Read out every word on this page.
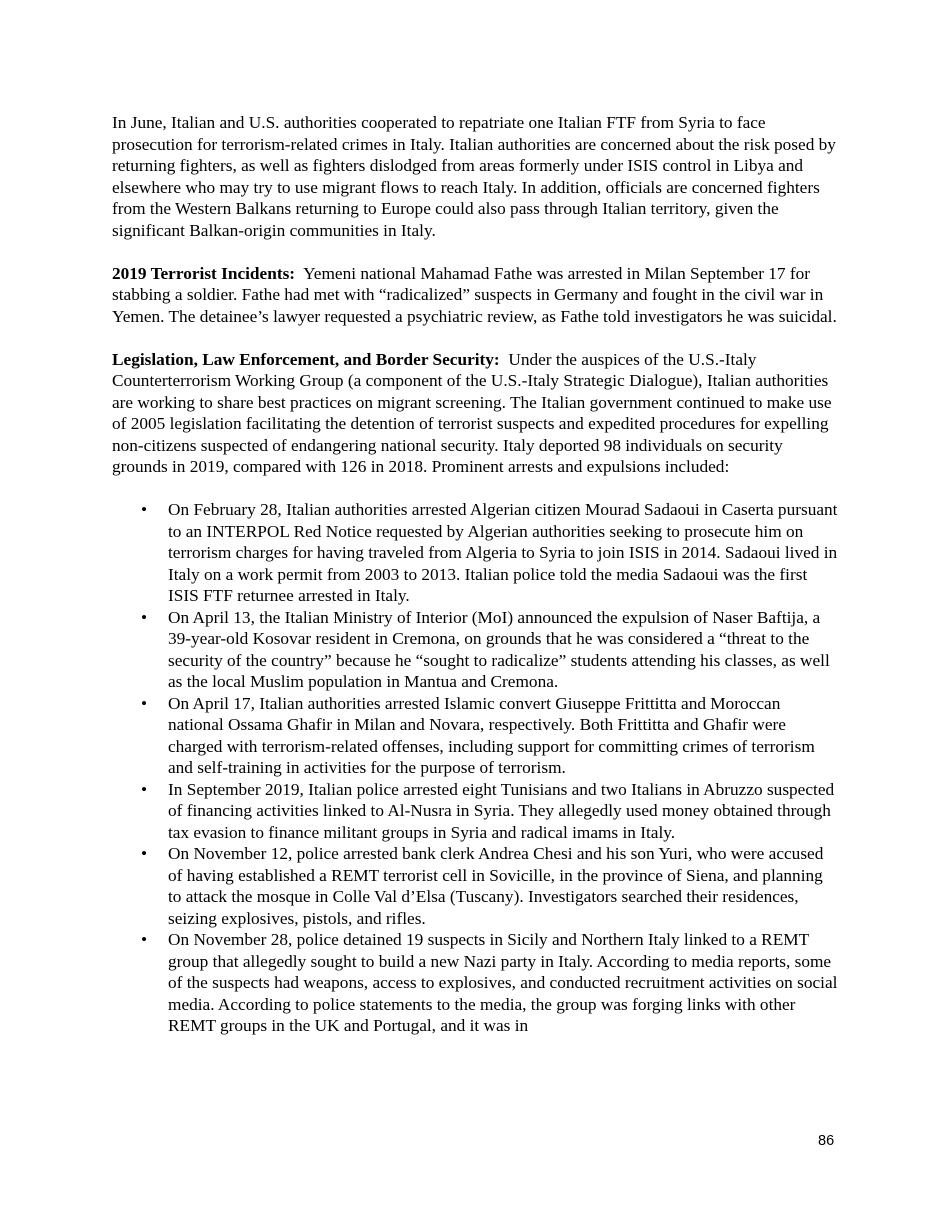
In June, Italian and U.S. authorities cooperated to repatriate one Italian FTF from Syria to face prosecution for terrorism-related crimes in Italy. Italian authorities are concerned about the risk posed by returning fighters, as well as fighters dislodged from areas formerly under ISIS control in Libya and elsewhere who may try to use migrant flows to reach Italy. In addition, officials are concerned fighters from the Western Balkans returning to Europe could also pass through Italian territory, given the significant Balkan-origin communities in Italy.

2019 Terrorist Incidents: Yemeni national Mahamad Fathe was arrested in Milan September 17 for stabbing a soldier. Fathe had met with “radicalized” suspects in Germany and fought in the civil war in Yemen. The detainee’s lawyer requested a psychiatric review, as Fathe told investigators he was suicidal.

Legislation, Law Enforcement, and Border Security: Under the auspices of the U.S.-Italy Counterterrorism Working Group (a component of the U.S.-Italy Strategic Dialogue), Italian authorities are working to share best practices on migrant screening. The Italian government continued to make use of 2005 legislation facilitating the detention of terrorist suspects and expedited procedures for expelling non-citizens suspected of endangering national security. Italy deported 98 individuals on security grounds in 2019, compared with 126 in 2018. Prominent arrests and expulsions included:

• On February 28, Italian authorities arrested Algerian citizen Mourad Sadaoui in Caserta pursuant to an INTERPOL Red Notice requested by Algerian authorities seeking to prosecute him on terrorism charges for having traveled from Algeria to Syria to join ISIS in 2014. Sadaoui lived in Italy on a work permit from 2003 to 2013. Italian police told the media Sadaoui was the first ISIS FTF returnee arrested in Italy.
• On April 13, the Italian Ministry of Interior (MoI) announced the expulsion of Naser Baftija, a 39-year-old Kosovar resident in Cremona, on grounds that he was considered a “threat to the security of the country” because he “sought to radicalize” students attending his classes, as well as the local Muslim population in Mantua and Cremona.
• On April 17, Italian authorities arrested Islamic convert Giuseppe Frittitta and Moroccan national Ossama Ghafir in Milan and Novara, respectively. Both Frittitta and Ghafir were charged with terrorism-related offenses, including support for committing crimes of terrorism and self-training in activities for the purpose of terrorism.
• In September 2019, Italian police arrested eight Tunisians and two Italians in Abruzzo suspected of financing activities linked to Al-Nusra in Syria. They allegedly used money obtained through tax evasion to finance militant groups in Syria and radical imams in Italy.
• On November 12, police arrested bank clerk Andrea Chesi and his son Yuri, who were accused of having established a REMT terrorist cell in Sovicille, in the province of Siena, and planning to attack the mosque in Colle Val d’Elsa (Tuscany). Investigators searched their residences, seizing explosives, pistols, and rifles.
• On November 28, police detained 19 suspects in Sicily and Northern Italy linked to a REMT group that allegedly sought to build a new Nazi party in Italy. According to media reports, some of the suspects had weapons, access to explosives, and conducted recruitment activities on social media. According to police statements to the media, the group was forging links with other REMT groups in the UK and Portugal, and it was in
86
